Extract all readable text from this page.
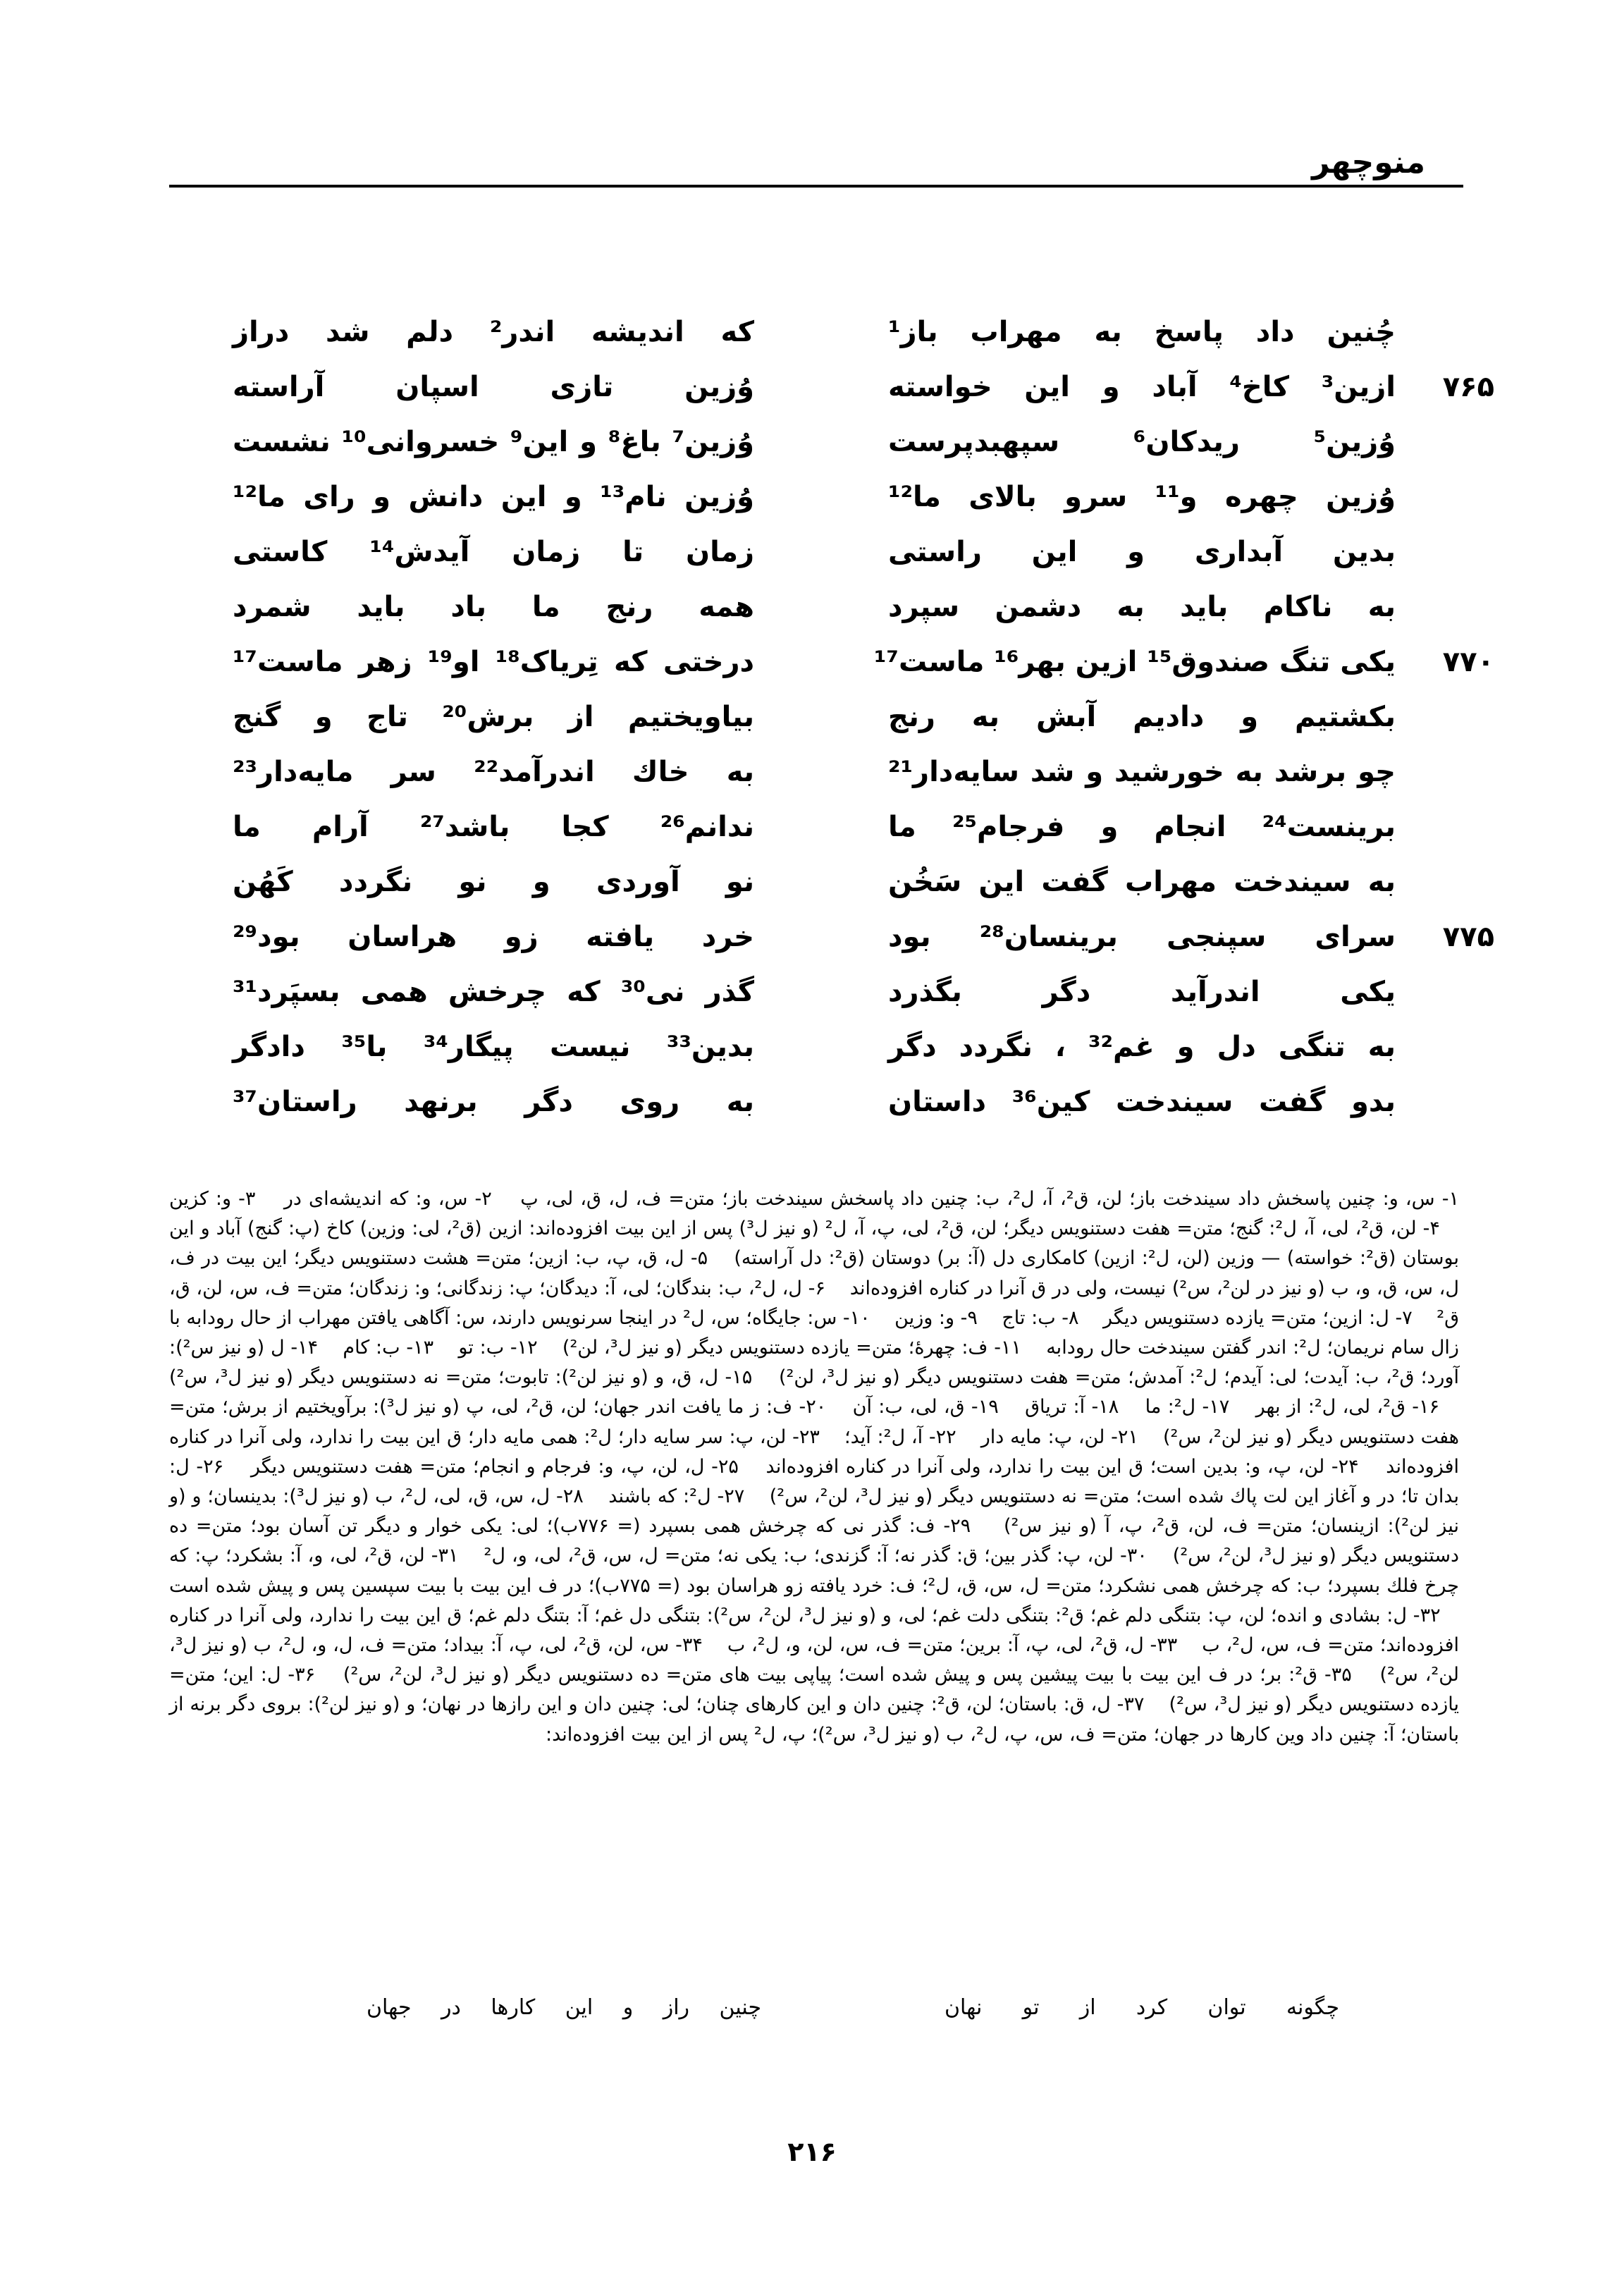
منوچهر
چُنین داد پاسخ به مهراب باز¹
که اندیشه اندر² دلم شد دراز
۷۶۵
ازین³ کاخ⁴ آباد و این خواسته
وُزین تازی اسپان آراسته
وُزین⁵ ریدکان⁶ سپهبدپرست
وُزین⁷ باغ⁸ و این⁹ خسروانی¹⁰ نشست
وُزین چهره و¹¹ سرو بالای ما¹²
وُزین نام¹³ و این دانش و رای ما¹²
بدین آبداری و این راستی
زمان تا زمان آیدش¹⁴ کاستی
به ناکام باید به دشمن سپرد
همه رنج ما باد باید شمرد
۷۷۰
یکی تنگ صندوق¹⁵ ازین بهر¹⁶ ماست¹⁷
درختی که تِریاک¹⁸ او¹⁹ زهر ماست¹⁷
بکشتیم و دادیم آبش به رنج
بیاویختیم از برش²⁰ تاج و گنج
چو برشد به خورشید و شد سایه‌دار²¹
به خاك اندرآمد²² سر مایه‌دار²³
برینست²⁴ انجام و فرجام²⁵ ما
ندانم²⁶ کجا باشد²⁷ آرام ما
به سیندخت مهراب گفت این سَخُن
نو آوردی و نو نگردد کَهُن
۷۷۵
سرای سپنجی برینسان²⁸ بود
خرد یافته زو هراسان بود²⁹
یکی اندرآید دگر بگذرد
گذر نی³⁰ که چرخش همی بسپَرد³¹
به تنگی دل و غم³² ، نگردد دگر
بدین³³ نیست پیگار³⁴ با³⁵ دادگر
بدو گفت سیندخت کین³⁶ داستان
به روی دگر برنهد راستان³⁷
۱- س، و: چنین پاسخش داد سیندخت باز؛ لن، ق²، آ، ل²، ب: چنین داد پاسخش سیندخت باز؛ متن= ف، ل، ق، لی، پ ۲- س، و: که اندیشه‌ای در ۳- و: کزین ۴- لن، ق²، لی، آ، ل²: گنج؛ متن= هفت دستنویس دیگر؛ لن، ق²، لی، پ، آ، ل² (و نیز ل³) پس از این بیت افزوده‌اند: ازین (ق²، لی: وزین) کاخ (پ: گنج) آباد و این بوستان (ق²: خواسته) — وزین (لن، ل²: ازین) کامکاری دل (آ: بر) دوستان (ق²: دل آراسته) ۵- ل، ق، پ، ب: ازین؛ متن= هشت دستنویس دیگر؛ این بیت در ف، ل، س، ق، و، ب (و نیز در لن²، س²) نیست، ولی در ق آنرا در کناره افزوده‌اند ۶- ل، ل²، ب: بندگان؛ لی، آ: دیدگان؛ پ: زندگانی؛ و: زندگان؛ متن= ف، س، لن، ق، ق² ۷- ل: ازین؛ متن= یازده دستنویس دیگر ۸- ب: تاج ۹- و: وزین ۱۰- س: جایگاه؛ س، ل² در اینجا سرنویس دارند، س: آگاهی یافتن مهراب از حال رودابه با زال سام نریمان؛ ل²: اندر گفتن سیندخت حال رودابه ۱۱- ف: چهرهٔ؛ متن= یازده دستنویس دیگر (و نیز ل³، لن²) ۱۲- ب: تو ۱۳- ب: کام ۱۴- ل (و نیز س²): آورد؛ ق²، ب: آیدت؛ لی: آیدم؛ ل²: آمدش؛ متن= هفت دستنویس دیگر (و نیز ل³، لن²) ۱۵- ل، ق، و (و نیز لن²): تابوت؛ متن= نه دستنویس دیگر (و نیز ل³، س²) ۱۶- ق²، لی، ل²: از بهر ۱۷- ل²: ما ۱۸- آ: تریاق ۱۹- ق، لی، ب: آن ۲۰- ف: ز ما یافت اندر جهان؛ لن، ق²، لی، پ (و نیز ل³): برآویختیم از برش؛ متن= هفت دستنویس دیگر (و نیز لن²، س²) ۲۱- لن، پ: مایه دار ۲۲- آ، ل²: آید؛ ۲۳- لن، پ: سر سایه دار؛ ل²: همی مایه دار؛ ق این بیت را ندارد، ولی آنرا در کناره افزوده‌اند ۲۴- لن، پ، و: بدین است؛ ق این بیت را ندارد، ولی آنرا در کناره افزوده‌اند ۲۵- ل، لن، پ، و: فرجام و انجام؛ متن= هفت دستنویس دیگر ۲۶- ل: بدان تا؛ در و آغاز این لت پاك شده است؛ متن= نه دستنویس دیگر (و نیز ل³، لن²، س²) ۲۷- ل²: که باشند ۲۸- ل، س، ق، لی، ل²، ب (و نیز ل³): بدینسان؛ و (و نیز لن²): ازینسان؛ متن= ف، لن، ق²، پ، آ (و نیز س²) ۲۹- ف: گذر نی که چرخش همی بسپرد (= ۷۷۶ب)؛ لی: یکی خوار و دیگر تن آسان بود؛ متن= ده دستنویس دیگر (و نیز ل³، لن²، س²) ۳۰- لن، پ: گذر بین؛ ق: گذر نه؛ آ: گزندی؛ ب: یکی نه؛ متن= ل، س، ق²، لی، و، ل² ۳۱- لن، ق²، لی، و، آ: بشکرد؛ پ: که چرخ فلك بسپرد؛ ب: که چرخش همی نشکرد؛ متن= ل، س، ق، ل²؛ ف: خرد یافته زو هراسان بود (= ۷۷۵ب)؛ در ف این بیت با بیت سپسین پس و پیش شده است ۳۲- ل: بشادی و انده؛ لن، پ: بتنگی دلم غم؛ ق²: بتنگی دلت غم؛ لی، و (و نیز ل³، لن²، س²): بتنگی دل غم؛ آ: بتنگ دلم غم؛ ق این بیت را ندارد، ولی آنرا در کناره افزوده‌اند؛ متن= ف، س، ل²، ب ۳۳- ل، ق²، لی، پ، آ: برین؛ متن= ف، س، لن، و، ل²، ب ۳۴- س، لن، ق²، لی، پ، آ: بیداد؛ متن= ف، ل، و، ل²، ب (و نیز ل³، لن²، س²) ۳۵- ق²: بر؛ در ف این بیت با بیت پیشین پس و پیش شده است؛ پیاپی بیت های متن= ده دستنویس دیگر (و نیز ل³، لن²، س²) ۳۶- ل: این؛ متن= یازده دستنویس دیگر (و نیز ل³، س²) ۳۷- ل، ق: باستان؛ لن، ق²: چنین دان و این کارهای چنان؛ لی: چنین دان و این رازها در نهان؛ و (و نیز لن²): بروی دگر برنه از باستان؛ آ: چنین داد وین کارها در جهان؛ متن= ف، س، پ، ل²، ب (و نیز ل³، س²)؛ پ، ل² پس از این بیت افزوده‌اند:
چگونه توان کرد از تو نهان
چنین راز و این کارها در جهان
۲۱۶
